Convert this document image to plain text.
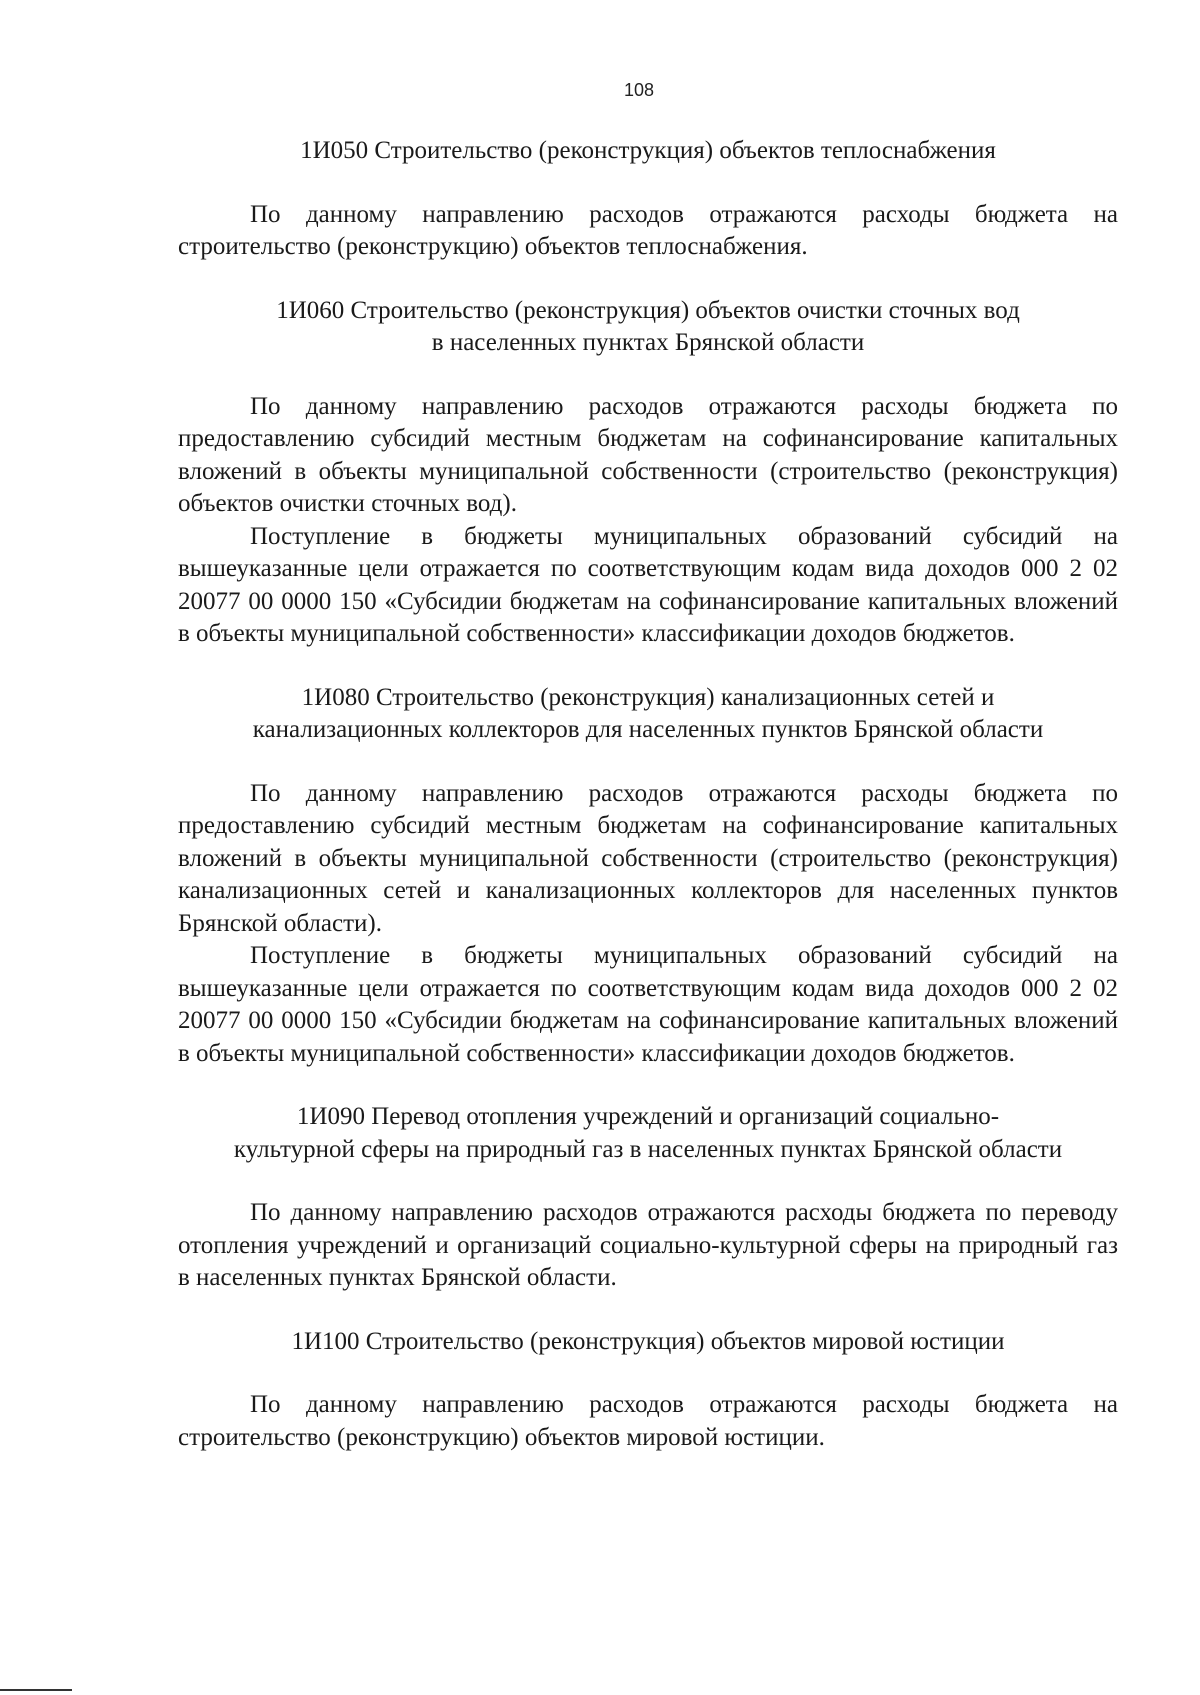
108
1И050 Строительство (реконструкция) объектов теплоснабжения

По данному направлению расходов отражаются расходы бюджета на строительство (реконструкцию) объектов теплоснабжения.

1И060 Строительство (реконструкция) объектов очистки сточных вод
в населенных пунктах Брянской области

По данному направлению расходов отражаются расходы бюджета по предоставлению субсидий местным бюджетам на софинансирование капитальных вложений в объекты муниципальной собственности (строительство (реконструкция) объектов очистки сточных вод).

Поступление в бюджеты муниципальных образований субсидий на вышеуказанные цели отражается по соответствующим кодам вида доходов 000 2 02 20077 00 0000 150 «Субсидии бюджетам на софинансирование капитальных вложений в объекты муниципальной собственности» классификации доходов бюджетов.

1И080 Строительство (реконструкция) канализационных сетей и
канализационных коллекторов для населенных пунктов Брянской области

По данному направлению расходов отражаются расходы бюджета по предоставлению субсидий местным бюджетам на софинансирование капитальных вложений в объекты муниципальной собственности (строительство (реконструкция) канализационных сетей и канализационных коллекторов для населенных пунктов Брянской области).

Поступление в бюджеты муниципальных образований субсидий на вышеуказанные цели отражается по соответствующим кодам вида доходов 000 2 02 20077 00 0000 150 «Субсидии бюджетам на софинансирование капитальных вложений в объекты муниципальной собственности» классификации доходов бюджетов.

1И090 Перевод отопления учреждений и организаций социально-
культурной сферы на природный газ в населенных пунктах Брянской области

По данному направлению расходов отражаются расходы бюджета по переводу отопления учреждений и организаций социально-культурной сферы на природный газ в населенных пунктах Брянской области.

1И100 Строительство (реконструкция) объектов мировой юстиции

По данному направлению расходов отражаются расходы бюджета на строительство (реконструкцию) объектов мировой юстиции.
